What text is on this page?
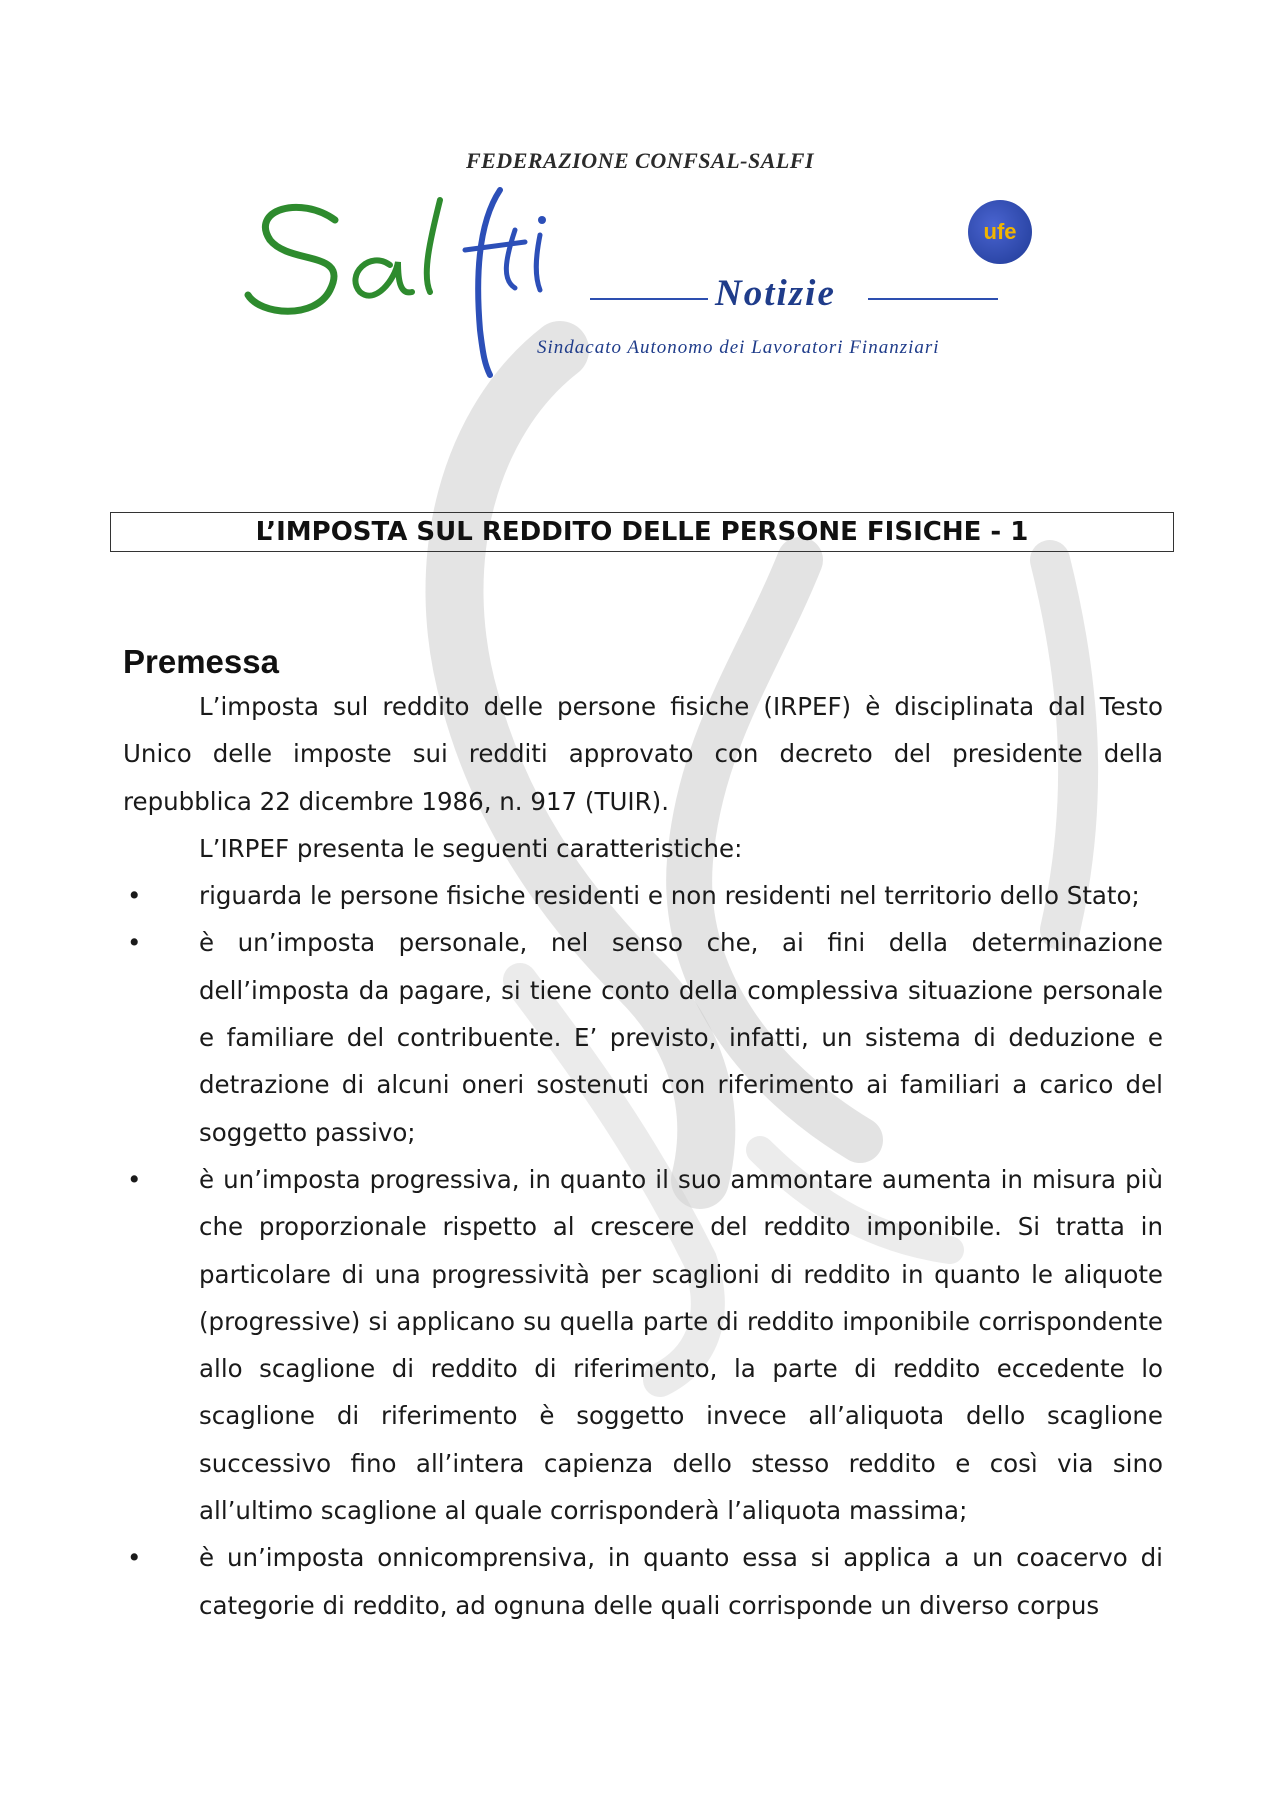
FEDERAZIONE CONFSAL-SALFI
Notizie
Sindacato Autonomo dei Lavoratori Finanziari
ufe
L’IMPOSTA SUL REDDITO DELLE PERSONE FISICHE - 1
Premessa

L’imposta sul reddito delle persone fisiche (IRPEF) è disciplinata dal Testo Unico delle imposte sui redditi approvato con decreto del presidente della repubblica 22 dicembre 1986, n. 917 (TUIR).

L’IRPEF presenta le seguenti caratteristiche:

• riguarda le persone fisiche residenti e non residenti nel territorio dello Stato;
• è un’imposta personale, nel senso che, ai fini della determinazione dell’imposta da pagare, si tiene conto della complessiva situazione personale e familiare del contribuente. E’ previsto, infatti, un sistema di deduzione e detrazione di alcuni oneri sostenuti con riferimento ai familiari a carico del soggetto passivo;
• è un’imposta progressiva, in quanto il suo ammontare aumenta in misura più che proporzionale rispetto al crescere del reddito imponibile. Si tratta in particolare di una progressività per scaglioni di reddito in quanto le aliquote (progressive) si applicano su quella parte di reddito imponibile corrispondente allo scaglione di reddito di riferimento, la parte di reddito eccedente lo scaglione di riferimento è soggetto invece all’aliquota dello scaglione successivo fino all’intera capienza dello stesso reddito e così via sino all’ultimo scaglione al quale corrisponderà l’aliquota massima;
• è un’imposta onnicomprensiva, in quanto essa si applica a un coacervo di categorie di reddito, ad ognuna delle quali corrisponde un diverso corpus
